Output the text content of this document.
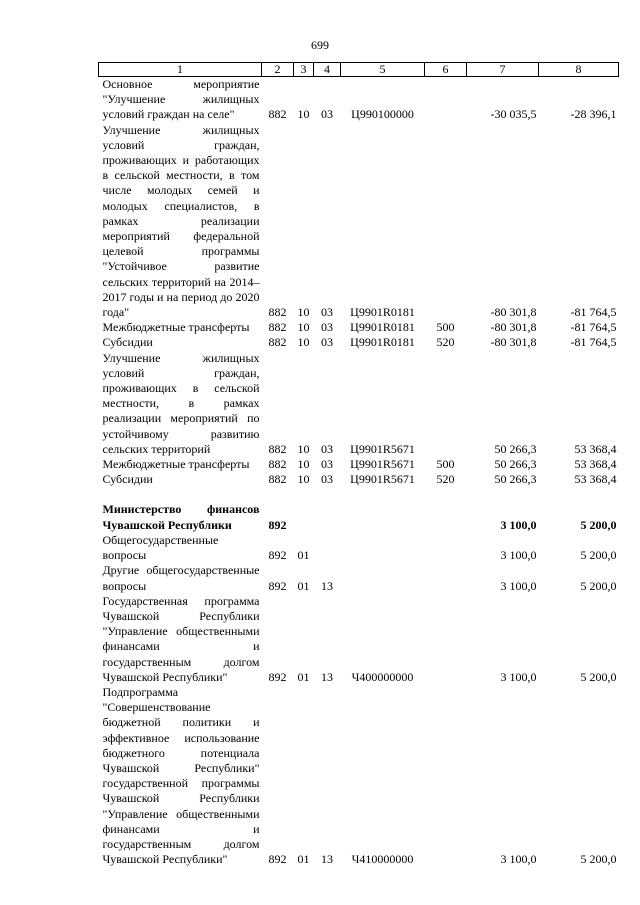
699
1	2	3	4	5	6	7	8
Основное мероприятие "Улучшение жилищных условий граждан на селе"	882	10	03	Ц990100000		-30 035,5	-28 396,1
Улучшение жилищных условий граждан, проживающих и работающих в сельской местности, в том числе молодых семей и молодых специалистов, в рамках реализации мероприятий федеральной целевой программы "Устойчивое развитие сельских территорий на 2014–2017 годы и на период до 2020 года"	882	10	03	Ц9901R0181		-80 301,8	-81 764,5
Межбюджетные трансферты	882	10	03	Ц9901R0181	500	-80 301,8	-81 764,5
Субсидии	882	10	03	Ц9901R0181	520	-80 301,8	-81 764,5
Улучшение жилищных условий граждан, проживающих в сельской местности, в рамках реализации мероприятий по устойчивому развитию сельских территорий	882	10	03	Ц9901R5671		50 266,3	53 368,4
Межбюджетные трансферты	882	10	03	Ц9901R5671	500	50 266,3	53 368,4
Субсидии	882	10	03	Ц9901R5671	520	50 266,3	53 368,4

Министерство финансов Чувашской Республики	892					3 100,0	5 200,0
Общегосударственные вопросы	892	01				3 100,0	5 200,0
Другие общегосударственные вопросы	892	01	13			3 100,0	5 200,0
Государственная программа Чувашской Республики "Управление общественными финансами и государственным долгом Чувашской Республики"	892	01	13	Ч400000000		3 100,0	5 200,0
Подпрограмма "Совершенствование бюджетной политики и эффективное использование бюджетного потенциала Чувашской Республики" государственной программы Чувашской Республики "Управление общественными финансами и государственным долгом Чувашской Республики"	892	01	13	Ч410000000		3 100,0	5 200,0
